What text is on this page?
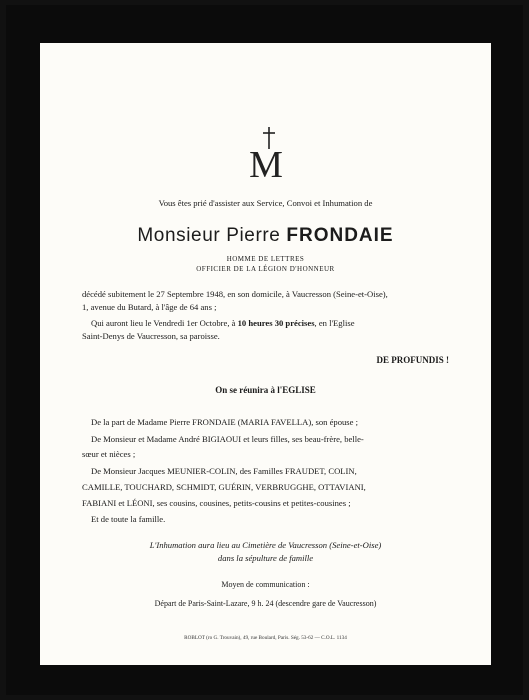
M
Vous êtes prié d'assister aux Service, Convoi et Inhumation de
Monsieur Pierre FRONDAIE
HOMME DE LETTRES
OFFICIER DE LA LÉGION D'HONNEUR
décédé subitement le 27 Septembre 1948, en son domicile, à Vaucresson (Seine-et-Oise),
1, avenue du Butard, à l'âge de 64 ans ;
Qui auront lieu le Vendredi 1er Octobre, à 10 heures 30 précises, en l'Eglise
Saint-Denys de Vaucresson, sa paroisse.
DE PROFUNDIS !
On se réunira à l'EGLISE
De la part de Madame Pierre FRONDAIE (MARIA FAVELLA), son épouse ;
De Monsieur et Madame André BIGIAOUI et leurs filles, ses beau-frère, belle-
sœur et nièces ;
De Monsieur Jacques MEUNIER-COLIN, des Familles FRAUDET, COLIN,
CAMILLE, TOUCHARD, SCHMIDT, GUÉRIN, VERBRUGGHE, OTTAVIANI,
FABIANI et LÉONI, ses cousins, cousines, petits-cousins et petites-cousines ;
Et de toute la famille.
L'Inhumation aura lieu au Cimetière de Vaucresson (Seine-et-Oise)
dans la sépulture de famille
Moyen de communication :
Départ de Paris-Saint-Lazare, 9 h. 24 (descendre gare de Vaucresson)
ROBLOT (ro G. Trouvain), 49, rue Boulard, Paris. Ség. 53-62 — C.O.L. 1134
